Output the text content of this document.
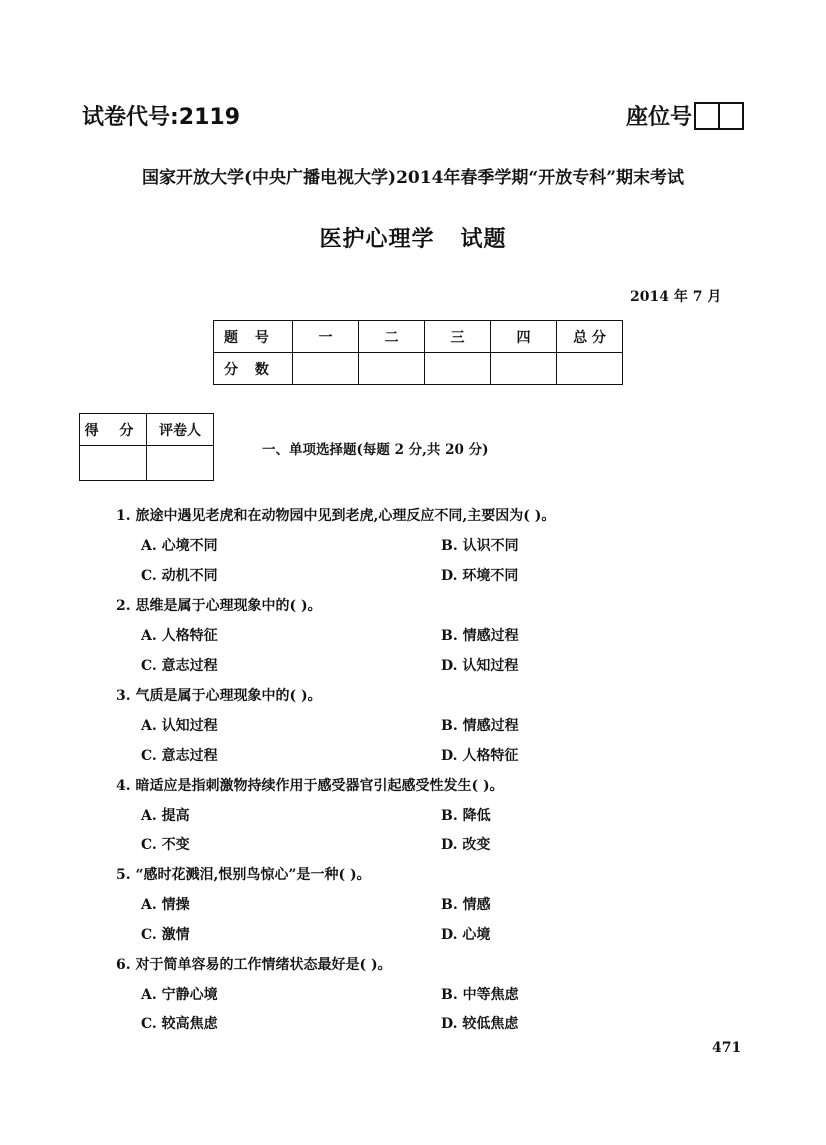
试卷代号:2119	座位号
国家开放大学(中央广播电视大学)2014年春季学期“开放专科”期末考试
医护心理学   试题
2014 年 7 月
题 号	一	二	三	四	总 分
分 数					
得 分	评卷人

一、单项选择题(每题 2 分,共 20 分)
1. 旅途中遇见老虎和在动物园中见到老虎,心理反应不同,主要因为( )。
A. 心境不同	B. 认识不同
C. 动机不同	D. 环境不同
2. 思维是属于心理现象中的( )。
A. 人格特征	B. 情感过程
C. 意志过程	D. 认知过程
3. 气质是属于心理现象中的( )。
A. 认知过程	B. 情感过程
C. 意志过程	D. 人格特征
4. 暗适应是指刺激物持续作用于感受器官引起感受性发生( )。
A. 提高	B. 降低
C. 不变	D. 改变
5. “感时花溅泪,恨别鸟惊心”是一种( )。
A. 情操	B. 情感
C. 激情	D. 心境
6. 对于简单容易的工作情绪状态最好是( )。
A. 宁静心境	B. 中等焦虑
C. 较高焦虑	D. 较低焦虑
471
